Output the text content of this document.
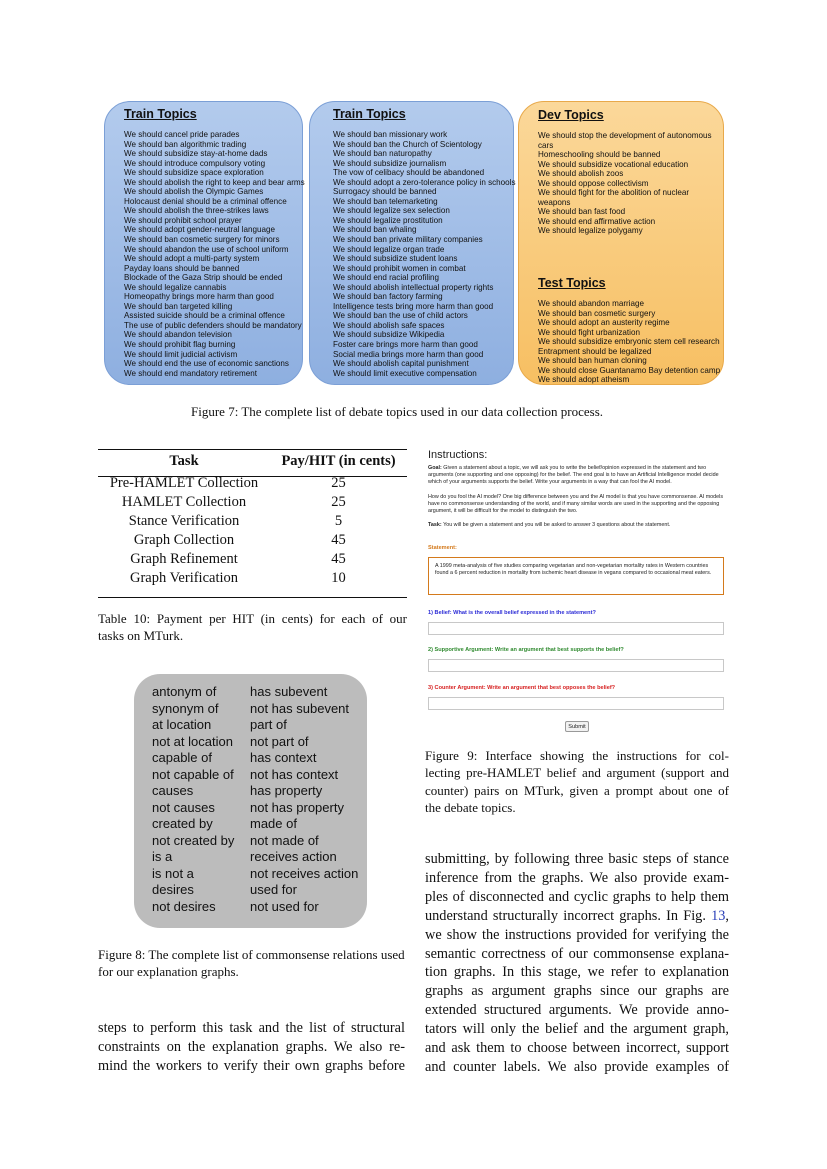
Train Topics
We should cancel pride parades
We should ban algorithmic trading
We should subsidize stay-at-home dads
We should introduce compulsory voting
We should subsidize space exploration
We should abolish the right to keep and bear arms
We should abolish the Olympic Games
Holocaust denial should be a criminal offence
We should abolish the three-strikes laws
We should prohibit school prayer
We should adopt gender-neutral language
We should ban cosmetic surgery for minors
We should abandon the use of school uniform
We should adopt a multi-party system
Payday loans should be banned
Blockade of the Gaza Strip should be ended
We should legalize cannabis
Homeopathy brings more harm than good
We should ban targeted killing
Assisted suicide should be a criminal offence
The use of public defenders should be mandatory
We should abandon television
We should prohibit flag burning
We should limit judicial activism
We should end the use of economic sanctions
We should end mandatory retirement
Train Topics
We should ban missionary work
We should ban the Church of Scientology
We should ban naturopathy
We should subsidize journalism
The vow of celibacy should be abandoned
We should adopt a zero-tolerance policy in schools
Surrogacy should be banned
We should ban telemarketing
We should legalize sex selection
We should legalize prostitution
We should ban whaling
We should ban private military companies
We should legalize organ trade
We should subsidize student loans
We should prohibit women in combat
We should end racial profiling
We should abolish intellectual property rights
We should ban factory farming
Intelligence tests bring more harm than good
We should ban the use of child actors
We should abolish safe spaces
We should subsidize Wikipedia
Foster care brings more harm than good
Social media brings more harm than good
We should abolish capital punishment
We should limit executive compensation
Dev Topics
We should stop the development of autonomous cars
Homeschooling should be banned
We should subsidize vocational education
We should abolish zoos
We should oppose collectivism
We should fight for the abolition of nuclear weapons
We should ban fast food
We should end affirmative action
We should legalize polygamy
Test Topics
We should abandon marriage
We should ban cosmetic surgery
We should adopt an austerity regime
We should fight urbanization
We should subsidize embryonic stem cell research
Entrapment should be legalized
We should ban human cloning
We should close Guantanamo Bay detention camp
We should adopt atheism
Figure 7: The complete list of debate topics used in our data collection process.
Task	Pay/HIT (in cents)
Pre-HAMLET Collection	25
HAMLET Collection	25
Stance Verification	5
Graph Collection	45
Graph Refinement	45
Graph Verification	10
Table 10: Payment per HIT (in cents) for each of our
tasks on MTurk.
antonym of
synonym of
at location
not at location
capable of
not capable of
causes
not causes
created by
not created by
is a
is not a
desires
not desires
has subevent
not has subevent
part of
not part of
has context
not has context
has property
not has property
made of
not made of
receives action
not receives action
used for
not used for
Figure 8: The complete list of commonsense relations used for our explanation graphs.
Instructions:
Goal: Given a statement about a topic, we will ask you to write the belief/opinion expressed in the statement and two arguments (one supporting and one opposing) for the belief. The end goal is to have an Artificial Intelligence model decide which of your arguments supports the belief. Write your arguments in a way that can fool the AI model.
How do you fool the AI model? One big difference between you and the AI model is that you have commonsense. AI models have no commonsense understanding of the world, and if many similar words are used in the supporting and the opposing argument, it will be difficult for the model to distinguish the two.
Task: You will be given a statement and you will be asked to answer 3 questions about the statement.
Statement:
A 1999 meta-analysis of five studies comparing vegetarian and non-vegetarian mortality rates in Western countries found a 6 percent reduction in mortality from ischemic heart disease in vegans compared to occasional meat eaters.
1) Belief: What is the overall belief expressed in the statement?
2) Supportive Argument: Write an argument that best supports the belief?
3) Counter Argument: Write an argument that best opposes the belief?
Submit
Figure 9: Interface showing the instructions for col-
lecting pre-HAMLET belief and argument (support and
counter) pairs on MTurk, given a prompt about one of
the debate topics.
steps to perform this task and the list of structural
constraints on the explanation graphs. We also re-
mind the workers to verify their own graphs before
submitting, by following three basic steps of stance
inference from the graphs. We also provide exam-
ples of disconnected and cyclic graphs to help them
understand structurally incorrect graphs. In Fig. 13,
we show the instructions provided for verifying the
semantic correctness of our commonsense explana-
tion graphs. In this stage, we refer to explanation
graphs as argument graphs since our graphs are
extended structured arguments. We provide anno-
tators will only the belief and the argument graph,
and ask them to choose between incorrect, support
and counter labels. We also provide examples of
